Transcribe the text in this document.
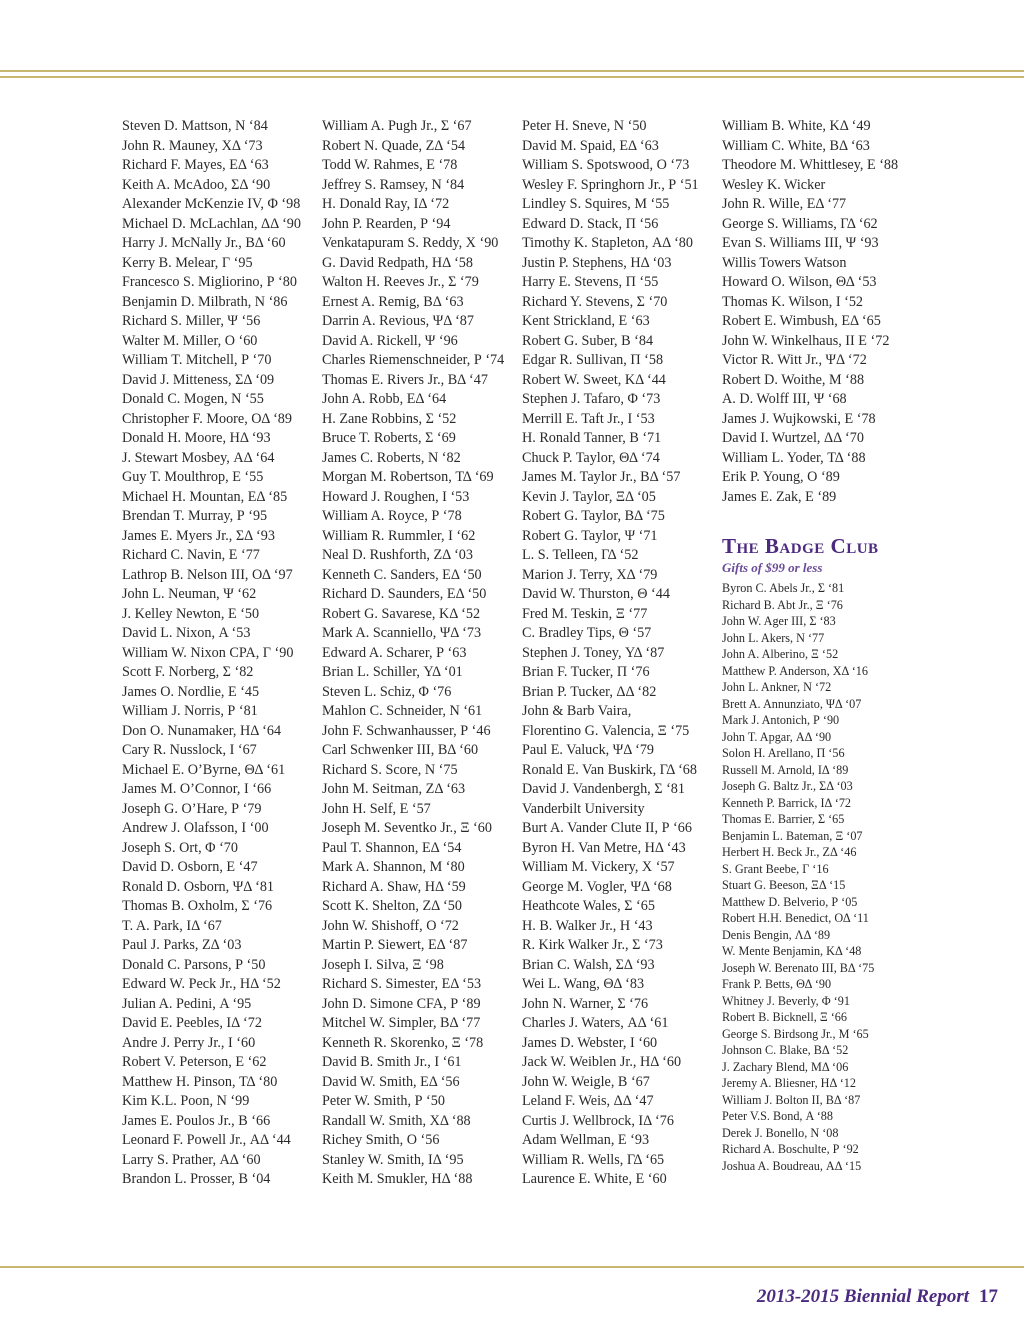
Steven D. Mattson, Ν ‘84
John R. Mauney, ΧΔ ‘73
Richard F. Mayes, ΕΔ ‘63
Keith A. McAdoo, ΣΔ ‘90
Alexander McKenzie IV, Φ ‘98
Michael D. McLachlan, ΔΔ ‘90
Harry J. McNally Jr., ΒΔ ‘60
Kerry B. Melear, Γ ‘95
Francesco S. Migliorino, Ρ ‘80
Benjamin D. Milbrath, Ν ‘86
Richard S. Miller, Ψ ‘56
Walter M. Miller, Ο ‘60
William T. Mitchell, Ρ ‘70
David J. Mitteness, ΣΔ ‘09
Donald C. Mogen, Ν ‘55
Christopher F. Moore, ΟΔ ‘89
Donald H. Moore, ΗΔ ‘93
J. Stewart Mosbey, ΑΔ ‘64
Guy T. Moulthrop, Ε ‘55
Michael H. Mountan, ΕΔ ‘85
Brendan T. Murray, Ρ ‘95
James E. Myers Jr., ΣΔ ‘93
Richard C. Navin, Ε ‘77
Lathrop B. Nelson III, ΟΔ ‘97
John L. Neuman, Ψ ‘62
J. Kelley Newton, Ε ‘50
David L. Nixon, Α ‘53
William W. Nixon CPA, Γ ‘90
Scott F. Norberg, Σ ‘82
James O. Nordlie, Ε ‘45
William J. Norris, Ρ ‘81
Don O. Nunamaker, ΗΔ ‘64
Cary R. Nusslock, Ι ‘67
Michael E. O’Byrne, ΘΔ ‘61
James M. O’Connor, Ι ‘66
Joseph G. O’Hare, Ρ ‘79
Andrew J. Olafsson, Ι ‘00
Joseph S. Ort, Φ ‘70
David D. Osborn, Ε ‘47
Ronald D. Osborn, ΨΔ ‘81
Thomas B. Oxholm, Σ ‘76
T. A. Park, ΙΔ ‘67
Paul J. Parks, ΖΔ ‘03
Donald C. Parsons, Ρ ‘50
Edward W. Peck Jr., ΗΔ ‘52
Julian A. Pedini, Α ‘95
David E. Peebles, ΙΔ ‘72
Andre J. Perry Jr., Ι ‘60
Robert V. Peterson, Ε ‘62
Matthew H. Pinson, ΤΔ ‘80
Kim K.L. Poon, Ν ‘99
James E. Poulos Jr., Β ‘66
Leonard F. Powell Jr., ΑΔ ‘44
Larry S. Prather, ΑΔ ‘60
Brandon L. Prosser, Β ‘04
William A. Pugh Jr., Σ ‘67
Robert N. Quade, ΖΔ ‘54
Todd W. Rahmes, Ε ‘78
Jeffrey S. Ramsey, Ν ‘84
H. Donald Ray, ΙΔ ‘72
John P. Rearden, Ρ ‘94
Venkatapuram S. Reddy, Χ ‘90
G. David Redpath, ΗΔ ‘58
Walton H. Reeves Jr., Σ ‘79
Ernest A. Remig, ΒΔ ‘63
Darrin A. Revious, ΨΔ ‘87
David A. Rickell, Ψ ‘96
Charles Riemenschneider, Ρ ‘74
Thomas E. Rivers Jr., ΒΔ ‘47
John A. Robb, ΕΔ ‘64
H. Zane Robbins, Σ ‘52
Bruce T. Roberts, Σ ‘69
James C. Roberts, Ν ‘82
Morgan M. Robertson, ΤΔ ‘69
Howard J. Roughen, Ι ‘53
William A. Royce, Ρ ‘78
William R. Rummler, Ι ‘62
Neal D. Rushforth, ΖΔ ‘03
Kenneth C. Sanders, ΕΔ ‘50
Richard D. Saunders, ΕΔ ‘50
Robert G. Savarese, ΚΔ ‘52
Mark A. Scanniello, ΨΔ ‘73
Edward A. Scharer, Ρ ‘63
Brian L. Schiller, ΥΔ ‘01
Steven L. Schiz, Φ ‘76
Mahlon C. Schneider, Ν ‘61
John F. Schwanhausser, Ρ ‘46
Carl Schwenker III, ΒΔ ‘60
Richard S. Score, Ν ‘75
John M. Seitman, ΖΔ ‘63
John H. Self, Ε ‘57
Joseph M. Seventko Jr., Ξ ‘60
Paul T. Shannon, ΕΔ ‘54
Mark A. Shannon, Μ ‘80
Richard A. Shaw, ΗΔ ‘59
Scott K. Shelton, ΖΔ ‘50
John W. Shishoff, Ο ‘72
Martin P. Siewert, ΕΔ ‘87
Joseph I. Silva, Ξ ‘98
Richard S. Simester, ΕΔ ‘53
John D. Simone CFA, Ρ ‘89
Mitchel W. Simpler, ΒΔ ‘77
Kenneth R. Skorenko, Ξ ‘78
David B. Smith Jr., Ι ‘61
David W. Smith, ΕΔ ‘56
Peter W. Smith, Ρ ‘50
Randall W. Smith, ΧΔ ‘88
Richey Smith, Ο ‘56
Stanley W. Smith, ΙΔ ‘95
Keith M. Smukler, ΗΔ ‘88
Peter H. Sneve, Ν ‘50
David M. Spaid, ΕΔ ‘63
William S. Spotswood, Ο ‘73
Wesley F. Springhorn Jr., Ρ ‘51
Lindley S. Squires, Μ ‘55
Edward D. Stack, Π ‘56
Timothy K. Stapleton, ΑΔ ‘80
Justin P. Stephens, ΗΔ ‘03
Harry E. Stevens, Π ‘55
Richard Y. Stevens, Σ ‘70
Kent Strickland, Ε ‘63
Robert G. Suber, Β ‘84
Edgar R. Sullivan, Π ‘58
Robert W. Sweet, ΚΔ ‘44
Stephen J. Tafaro, Φ ‘73
Merrill E. Taft Jr., Ι ‘53
H. Ronald Tanner, Β ‘71
Chuck P. Taylor, ΘΔ ‘74
James M. Taylor Jr., ΒΔ ‘57
Kevin J. Taylor, ΞΔ ‘05
Robert G. Taylor, ΒΔ ‘75
Robert G. Taylor, Ψ ‘71
L. S. Telleen, ΓΔ ‘52
Marion J. Terry, ΧΔ ‘79
David W. Thurston, Θ ‘44
Fred M. Teskin, Ξ ‘77
C. Bradley Tips, Θ ‘57
Stephen J. Toney, ΥΔ ‘87
Brian F. Tucker, Π ‘76
Brian P. Tucker, ΔΔ ‘82
John & Barb Vaira,
Florentino G. Valencia, Ξ ‘75
Paul E. Valuck, ΨΔ ‘79
Ronald E. Van Buskirk, ΓΔ ‘68
David J. Vandenbergh, Σ ‘81
Vanderbilt University
Burt A. Vander Clute II, Ρ ‘66
Byron H. Van Metre, ΗΔ ‘43
William M. Vickery, Χ ‘57
George M. Vogler, ΨΔ ‘68
Heathcote Wales, Σ ‘65
H. B. Walker Jr., Η ‘43
R. Kirk Walker Jr., Σ ‘73
Brian C. Walsh, ΣΔ ‘93
Wei L. Wang, ΘΔ ‘83
John N. Warner, Σ ‘76
Charles J. Waters, ΑΔ ‘61
James D. Webster, Ι ‘60
Jack W. Weiblen Jr., ΗΔ ‘60
John W. Weigle, Β ‘67
Leland F. Weis, ΔΔ ‘47
Curtis J. Wellbrock, ΙΔ ‘76
Adam Wellman, Ε ‘93
William R. Wells, ΓΔ ‘65
Laurence E. White, Ε ‘60
William B. White, ΚΔ ‘49
William C. White, ΒΔ ‘63
Theodore M. Whittlesey, Ε ‘88
Wesley K. Wicker
John R. Wille, ΕΔ ‘77
George S. Williams, ΓΔ ‘62
Evan S. Williams III, Ψ ‘93
Willis Towers Watson
Howard O. Wilson, ΘΔ ‘53
Thomas K. Wilson, Ι ‘52
Robert E. Wimbush, ΕΔ ‘65
John W. Winkelhaus, II Ε ‘72
Victor R. Witt Jr., ΨΔ ‘72
Robert D. Woithe, Μ ‘88
A. D. Wolff III, Ψ ‘68
James J. Wujkowski, Ε ‘78
David I. Wurtzel, ΔΔ ‘70
William L. Yoder, ΤΔ ‘88
Erik P. Young, Ο ‘89
James E. Zak, Ε ‘89
The Badge Club
Gifts of $99 or less
Byron C. Abels Jr., Σ ‘81
Richard B. Abt Jr., Ξ ‘76
John W. Ager III, Σ ‘83
John L. Akers, Ν ‘77
John A. Alberino, Ξ ‘52
Matthew P. Anderson, ΧΔ ‘16
John L. Ankner, Ν ‘72
Brett A. Annunziato, ΨΔ ‘07
Mark J. Antonich, Ρ ‘90
John T. Apgar, ΑΔ ‘90
Solon H. Arellano, Π ‘56
Russell M. Arnold, ΙΔ ‘89
Joseph G. Baltz Jr., ΣΔ ‘03
Kenneth P. Barrick, ΙΔ ‘72
Thomas E. Barrier, Σ ‘65
Benjamin L. Bateman, Ξ ‘07
Herbert H. Beck Jr., ΖΔ ‘46
S. Grant Beebe, Γ ‘16
Stuart G. Beeson, ΞΔ ‘15
Matthew D. Belverio, Ρ ‘05
Robert H.H. Benedict, ΟΔ ‘11
Denis Bengin, ΛΔ ‘89
W. Mente Benjamin, ΚΔ ‘48
Joseph W. Berenato III, ΒΔ ‘75
Frank P. Betts, ΘΔ ‘90
Whitney J. Beverly, Φ ‘91
Robert B. Bicknell, Ξ ‘66
George S. Birdsong Jr., Μ ‘65
Johnson C. Blake, ΒΔ ‘52
J. Zachary Blend, ΜΔ ‘06
Jeremy A. Bliesner, ΗΔ ‘12
William J. Bolton II, ΒΔ ‘87
Peter V.S. Bond, Α ‘88
Derek J. Bonello, Ν ‘08
Richard A. Boschulte, Ρ ‘92
Joshua A. Boudreau, ΑΔ ‘15
2013-2015 Biennial Report 17
